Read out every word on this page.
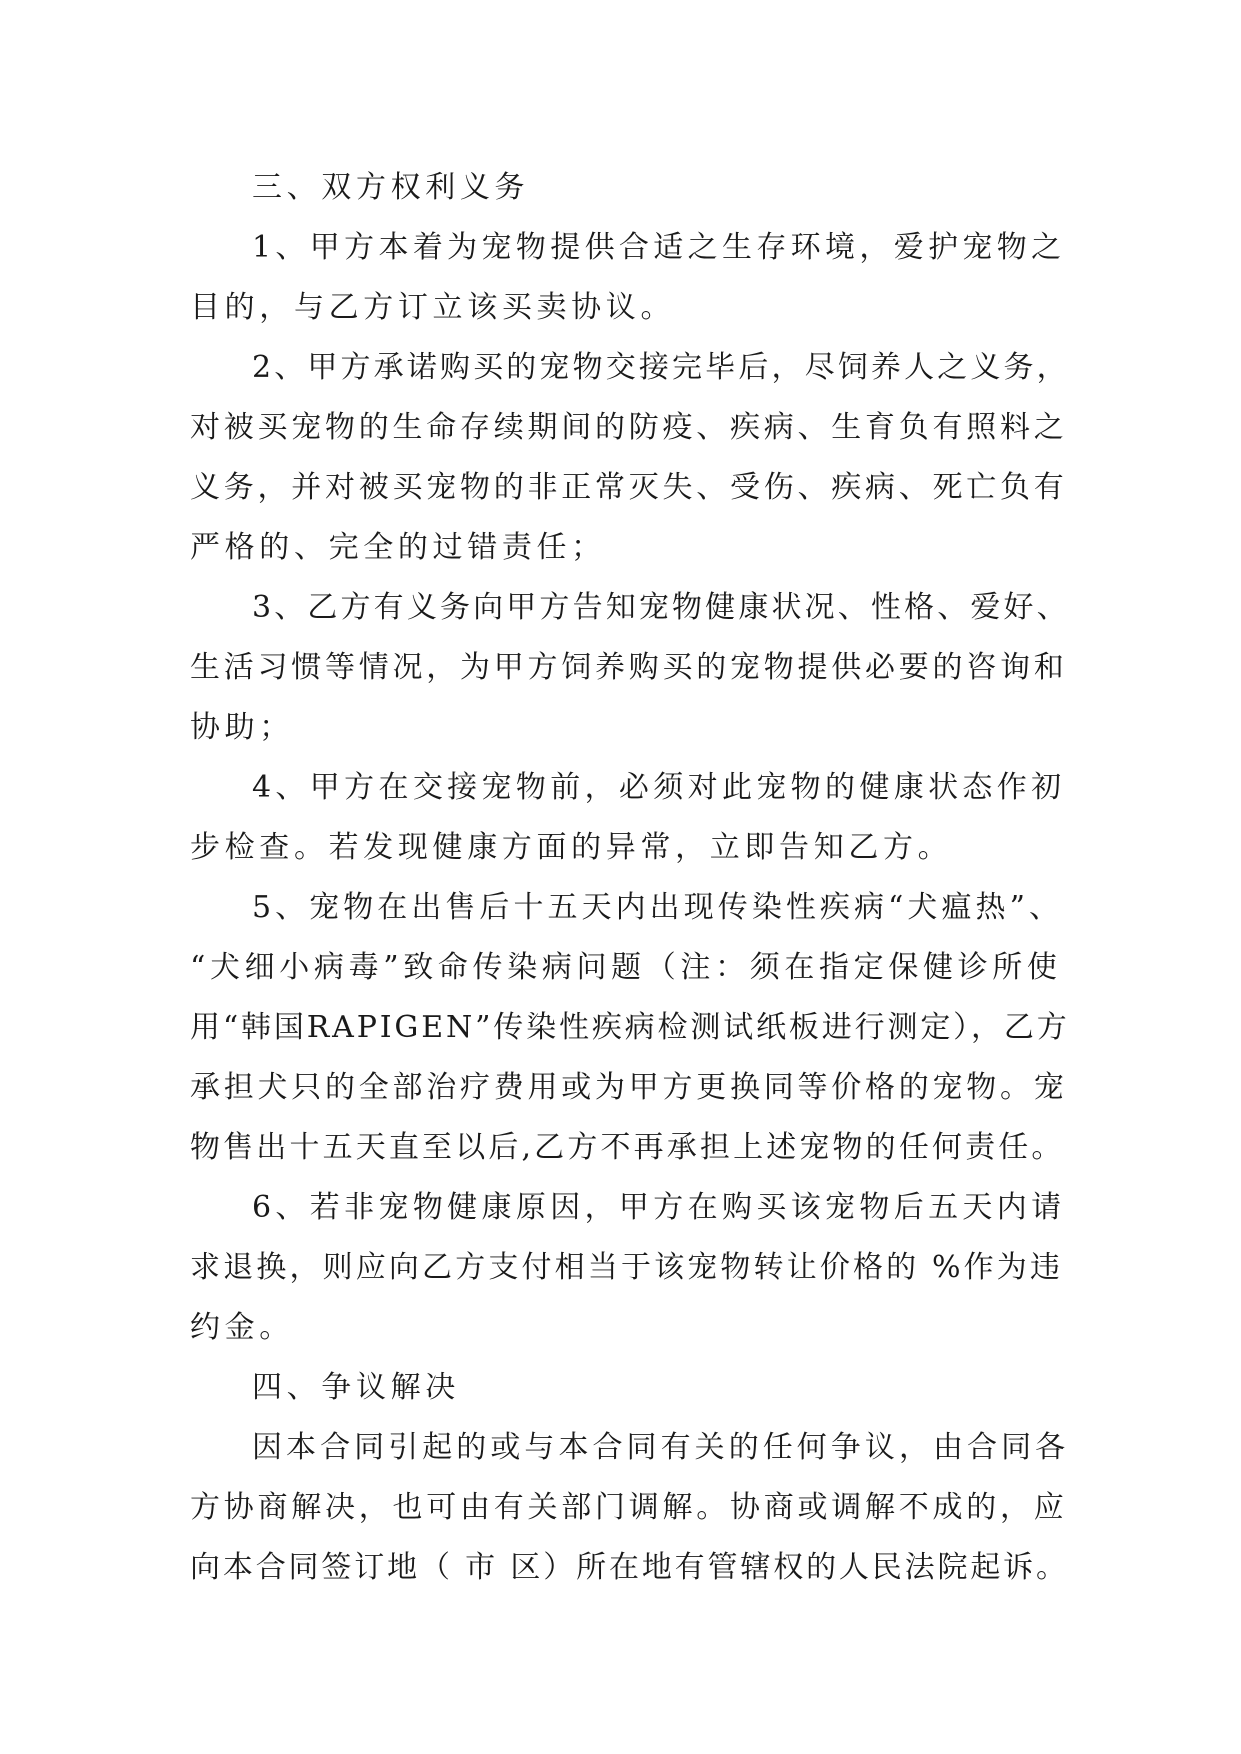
三、双方权利义务
1、甲方本着为宠物提供合适之生存环境，爱护宠物之
目的，与乙方订立该买卖协议。
2、甲方承诺购买的宠物交接完毕后，尽饲养人之义务，
对被买宠物的生命存续期间的防疫、疾病、生育负有照料之
义务，并对被买宠物的非正常灭失、受伤、疾病、死亡负有
严格的、完全的过错责任；
3、乙方有义务向甲方告知宠物健康状况、性格、爱好、
生活习惯等情况，为甲方饲养购买的宠物提供必要的咨询和
协助；
4、甲方在交接宠物前，必须对此宠物的健康状态作初
步检查。若发现健康方面的异常，立即告知乙方。
5、宠物在出售后十五天内出现传染性疾病“犬瘟热”、
“犬细小病毒”致命传染病问题（注：须在指定保健诊所使
用“韩国RAPIGEN”传染性疾病检测试纸板进行测定），乙方
承担犬只的全部治疗费用或为甲方更换同等价格的宠物。宠
物售出十五天直至以后,乙方不再承担上述宠物的任何责任。
6、若非宠物健康原因，甲方在购买该宠物后五天内请
求退换，则应向乙方支付相当于该宠物转让价格的 %作为违
约金。
四、争议解决
因本合同引起的或与本合同有关的任何争议，由合同各
方协商解决，也可由有关部门调解。协商或调解不成的，应
向本合同签订地（ 市 区）所在地有管辖权的人民法院起诉。
